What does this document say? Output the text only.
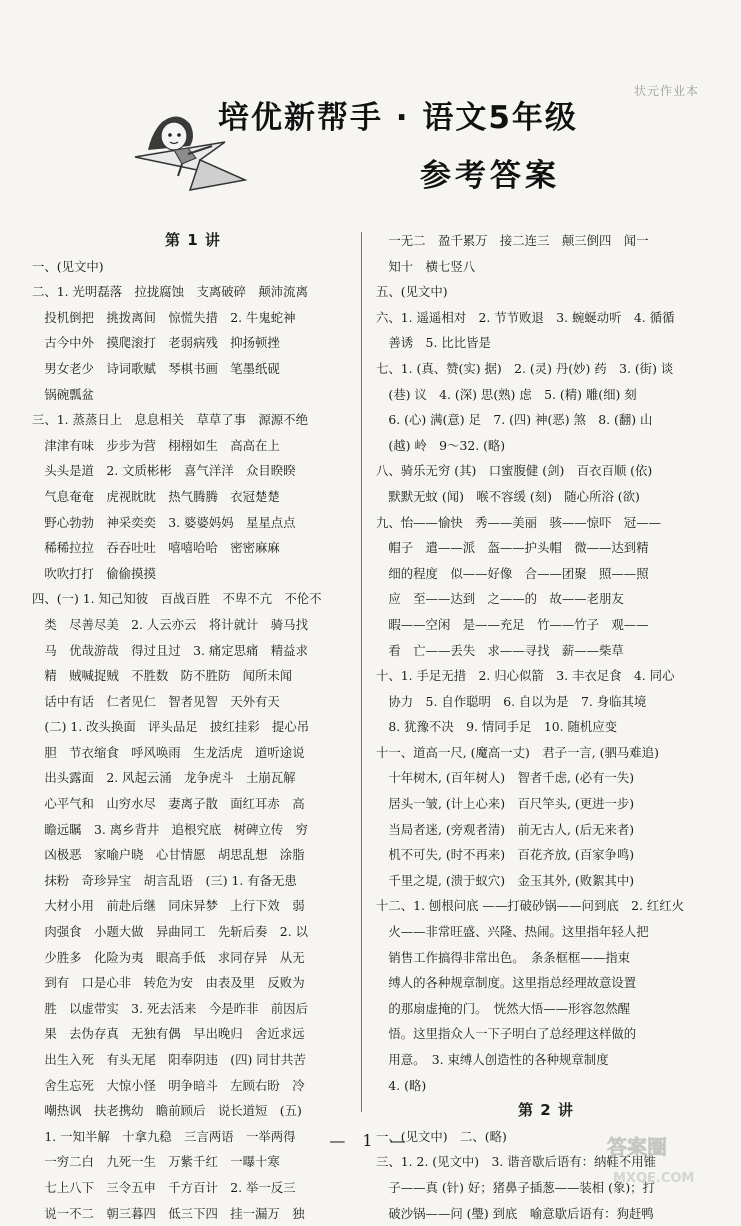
状元作业本
培优新帮手 · 语文5年级
参考答案
第 1 讲
一、(见文中)
二、1. 光明磊落　拉拢腐蚀　支离破碎　颠沛流离
　投机倒把　挑拨离间　惊慌失措　2. 牛鬼蛇神
　古今中外　摸爬滚打　老弱病残　抑扬顿挫
　男女老少　诗词歌赋　琴棋书画　笔墨纸砚
　锅碗瓢盆
三、1. 蒸蒸日上　息息相关　草草了事　源源不绝
　津津有味　步步为营　栩栩如生　高高在上
　头头是道　2. 文质彬彬　喜气洋洋　众目睽睽
　气息奄奄　虎视眈眈　热气腾腾　衣冠楚楚
　野心勃勃　神采奕奕　3. 婆婆妈妈　星星点点
　稀稀拉拉　吞吞吐吐　嘻嘻哈哈　密密麻麻
　吹吹打打　偷偷摸摸
四、(一) 1. 知己知彼　百战百胜　不卑不亢　不伦不
　类　尽善尽美　2. 人云亦云　将计就计　骑马找
　马　优哉游哉　得过且过　3. 痛定思痛　精益求
　精　贼喊捉贼　不胜数　防不胜防　闻所未闻
　话中有话　仁者见仁　智者见智　天外有天
　(二) 1. 改头换面　评头品足　披红挂彩　提心吊
　胆　节衣缩食　呼风唤雨　生龙活虎　道听途说
　出头露面　2. 风起云涌　龙争虎斗　土崩瓦解
　心平气和　山穷水尽　妻离子散　面红耳赤　高
　瞻远瞩　3. 离乡背井　追根究底　树碑立传　穷
　凶极恶　家喻户晓　心甘情愿　胡思乱想　涂脂
　抹粉　奇珍异宝　胡言乱语　(三) 1. 有备无患
　大材小用　前赴后继　同床异梦　上行下效　弱
　肉强食　小题大做　异曲同工　先斩后奏　2. 以
　少胜多　化险为夷　眼高手低　求同存异　从无
　到有　口是心非　转危为安　由表及里　反败为
　胜　以虚带实　3. 死去活来　今是昨非　前因后
　果　去伪存真　无独有偶　早出晚归　舍近求远
　出生入死　有头无尾　阳奉阴违　(四) 同甘共苦
　舍生忘死　大惊小怪　明争暗斗　左顾右盼　冷
　嘲热讽　扶老携幼　瞻前顾后　说长道短　(五)
　1. 一知半解　十拿九稳　三言两语　一举两得
　一穷二白　九死一生　万紫千红　一曝十寒
　七上八下　三令五申　千方百计　2. 举一反三
　说一不二　朝三暮四　低三下四　挂一漏万　独
　一无二　盈千累万　接二连三　颠三倒四　闻一
　知十　横七竖八
五、(见文中)
六、1. 遥遥相对　2. 节节败退　3. 蜿蜒动听　4. 循循
　善诱　5. 比比皆是
七、1. (真、赞(实) 据)　2. (灵) 丹(妙) 药　3. (街) 谈
　(巷) 议　4. (深) 思(熟) 虑　5. (精) 雕(细) 刻
　6. (心) 满(意) 足　7. (四) 神(恶) 煞　8. (翻) 山
　(越) 岭　9～32. (略)
八、骑乐无穷 (其)　口蜜腹健 (剑)　百衣百顺 (依)
　默默无蚊 (闻)　喉不容缓 (刻)　随心所浴 (欲)
九、怡——愉快　秀——美丽　骇——惊吓　冠——
　帽子　遣——派　盔——护头帽　微——达到精
　细的程度　似——好像　合——团聚　照——照
　应　至——达到　之——的　故——老朋友
　暇——空闲　是——充足　竹——竹子　观——
　看　亡——丢失　求——寻找　薪——柴草
十、1. 手足无措　2. 归心似箭　3. 丰衣足食　4. 同心
　协力　5. 自作聪明　6. 自以为是　7. 身临其境
　8. 犹豫不决　9. 情同手足　10. 随机应变
十一、道高一尺, (魔高一丈)　君子一言, (驷马难追)
　十年树木, (百年树人)　智者千虑, (必有一失)
　居头一皱, (计上心来)　百尺竿头, (更进一步)
　当局者迷, (旁观者清)　前无古人, (后无来者)
　机不可失, (时不再来)　百花齐放, (百家争鸣)
　千里之堤, (溃于蚁穴)　金玉其外, (败絮其中)
十二、1. 刨根问底 ——打破砂锅——问到底　2. 红红火
　火——非常旺盛、兴隆、热闹。这里指年轻人把
　销售工作搞得非常出色。　条条框框——指束
　缚人的各种规章制度。这里指总经理故意设置
　的那扇虚掩的门。　恍然大悟——形容忽然醒
　悟。这里指众人一下子明白了总经理这样做的
　用意。　3. 束缚人创造性的各种规章制度
　4. (略)
第 2 讲
一、(见文中)　二、(略)
三、1. 2. (见文中)　3. 谐音歇后语有：纳鞋不用锥
　子——真 (针) 好；猪鼻子插葱——装相 (象)；打
　破沙锅——问 (璺) 到底　喻意歇后语有：狗赶鸭
— 1 —	答案圈
MXQE.COM
